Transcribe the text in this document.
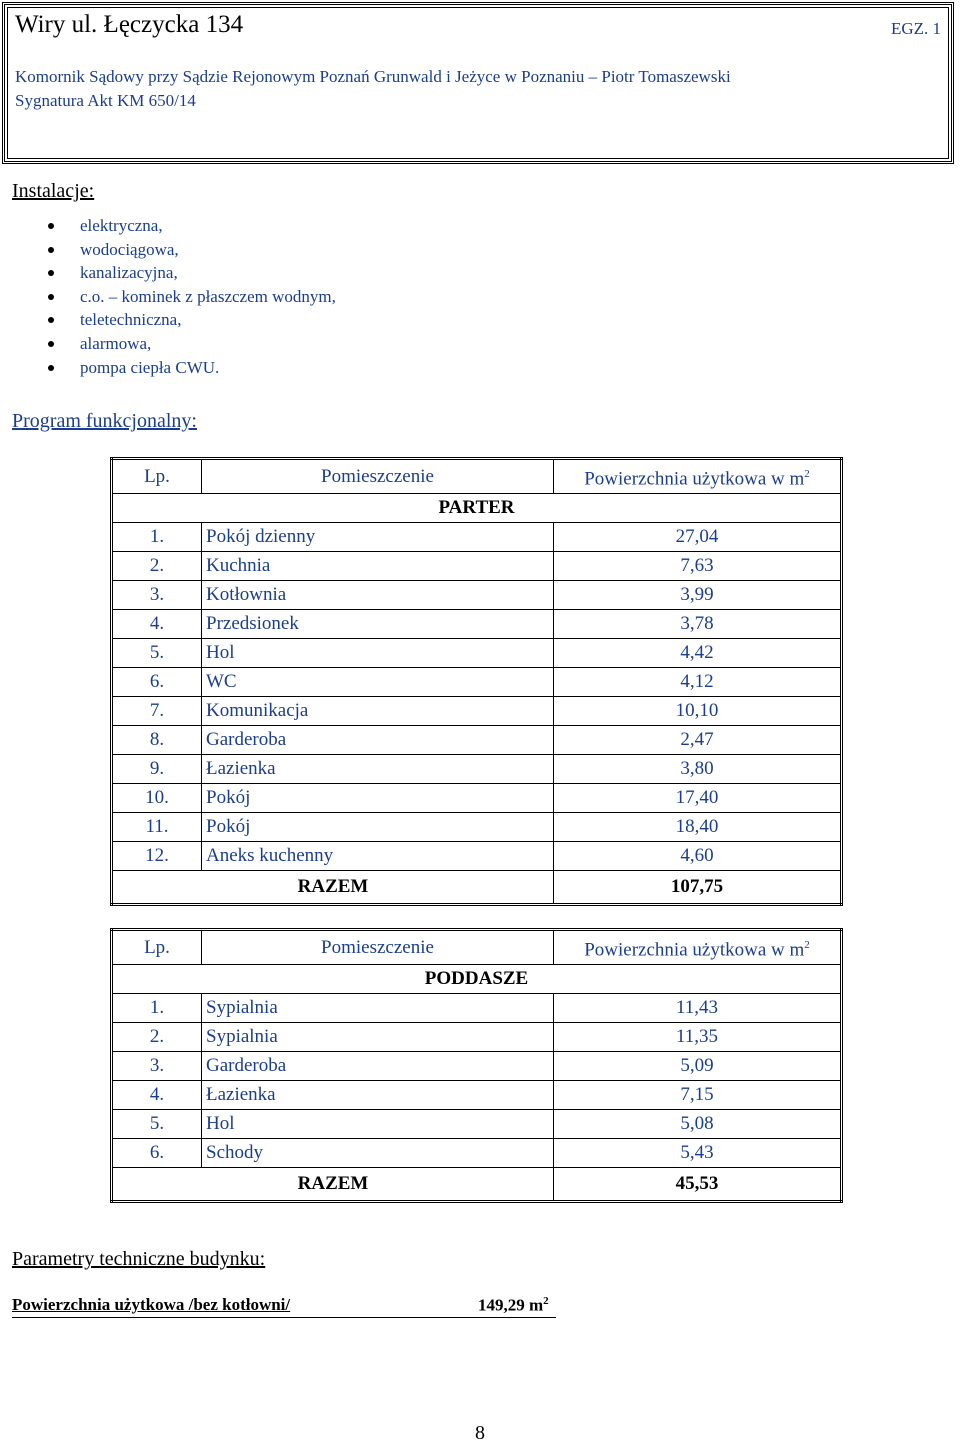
Wiry ul. Łęczycka 134	EGZ. 1
Komornik Sądowy przy Sądzie Rejonowym Poznań Grunwald i Jeżyce w Poznaniu – Piotr Tomaszewski
Sygnatura Akt KM 650/14
Instalacje:
elektryczna,
wodociągowa,
kanalizacyjna,
c.o. – kominek z płaszczem wodnym,
teletechniczna,
alarmowa,
pompa ciepła CWU.
Program funkcjonalny:
Lp.	Pomieszczenie	Powierzchnia użytkowa w $m^2$
PARTER		
1.	Pokój dzienny	27,04
2.	Kuchnia	7,63
3.	Kotłownia	3,99
4.	Przedsionek	3,78
5.	Hol	4,42
6.	WC	4,12
7.	Komunikacja	10,10
8.	Garderoba	2,47
9.	Łazienka	3,80
10.	Pokój	17,40
11.	Pokój	18,40
12.	Aneks kuchenny	4,60
RAZEM		107,75
Lp.	Pomieszczenie	Powierzchnia użytkowa w $m^2$
PODDASZE		
1.	Sypialnia	11,43
2.	Sypialnia	11,35
3.	Garderoba	5,09
4.	Łazienka	7,15
5.	Hol	5,08
6.	Schody	5,43
RAZEM		45,53
Parametry techniczne budynku:
Powierzchnia użytkowa /bez kotłowni/	149,29 $m^2$
8
